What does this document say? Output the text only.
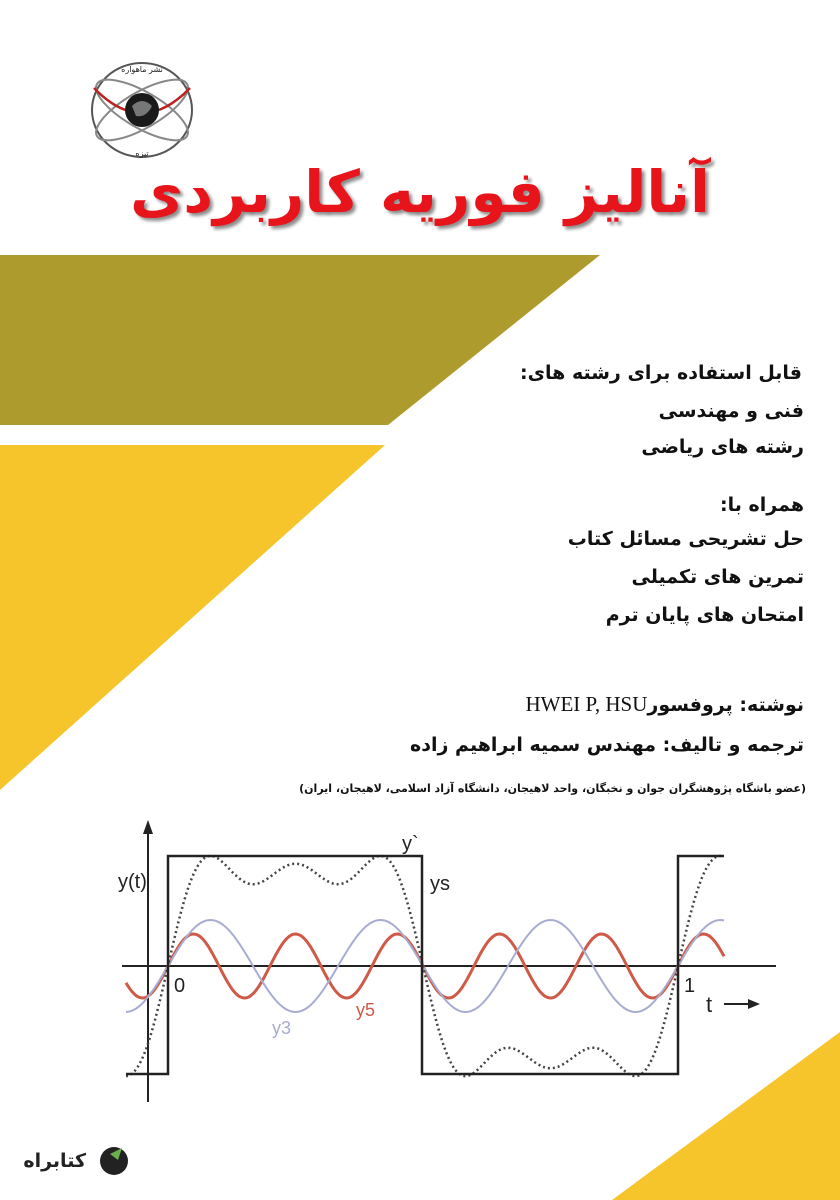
نشر ماهواره
تیزه
آنالیز فوریه کاربردی
قابل استفاده برای رشته های:
فنی و مهندسی
رشته های ریاضی
همراه با:
حل تشریحی مسائل کتاب
تمرین های تکمیلی
امتحان های پایان ترم
نوشته: پروفسورHWEI P, HSU
ترجمه و تالیف: مهندس سمیه ابراهیم زاده
(عضو باشگاه پژوهشگران جوان و نخبگان، واحد لاهیجان، دانشگاه آزاد اسلامی، لاهیجان، ایران)
y(t)
y`
ys
y3
y5
0	1
t
کتابراه
